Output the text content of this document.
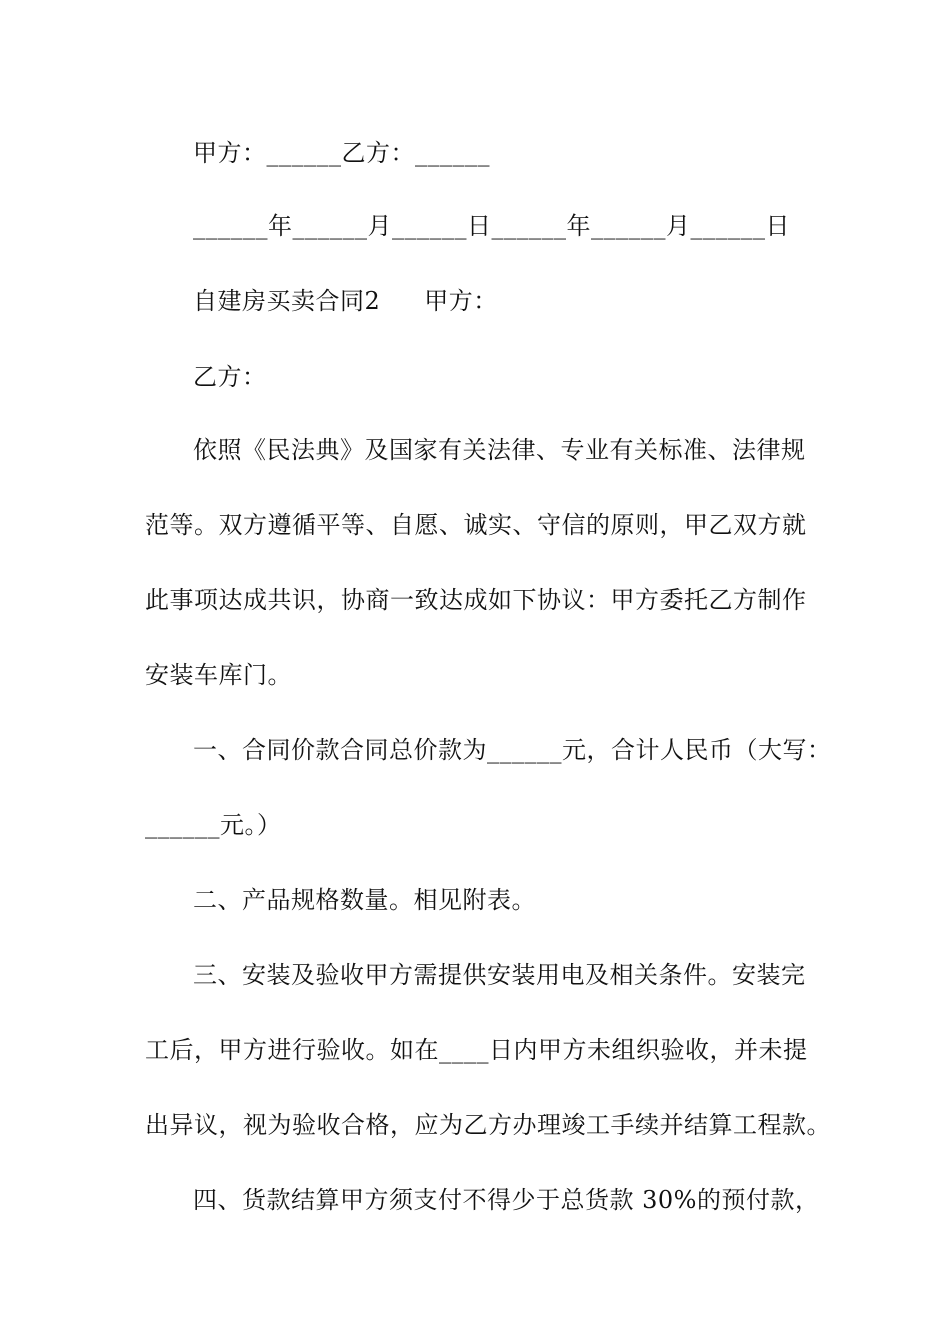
甲方：______乙方：______
______年______月______日______年______月______日
自建房买卖合同2 甲方：
乙方：
依照《民法典》及国家有关法律、专业有关标准、法律规
范等。双方遵循平等、自愿、诚实、守信的原则，甲乙双方就
此事项达成共识，协商一致达成如下协议：甲方委托乙方制作
安装车库门。
一、合同价款合同总价款为______元，合计人民币（大写：
______元。）
二、产品规格数量。相见附表。
三、安装及验收甲方需提供安装用电及相关条件。安装完
工后，甲方进行验收。如在____日内甲方未组织验收，并未提
出异议，视为验收合格，应为乙方办理竣工手续并结算工程款。
四、货款结算甲方须支付不得少于总货款 30%的预付款，
